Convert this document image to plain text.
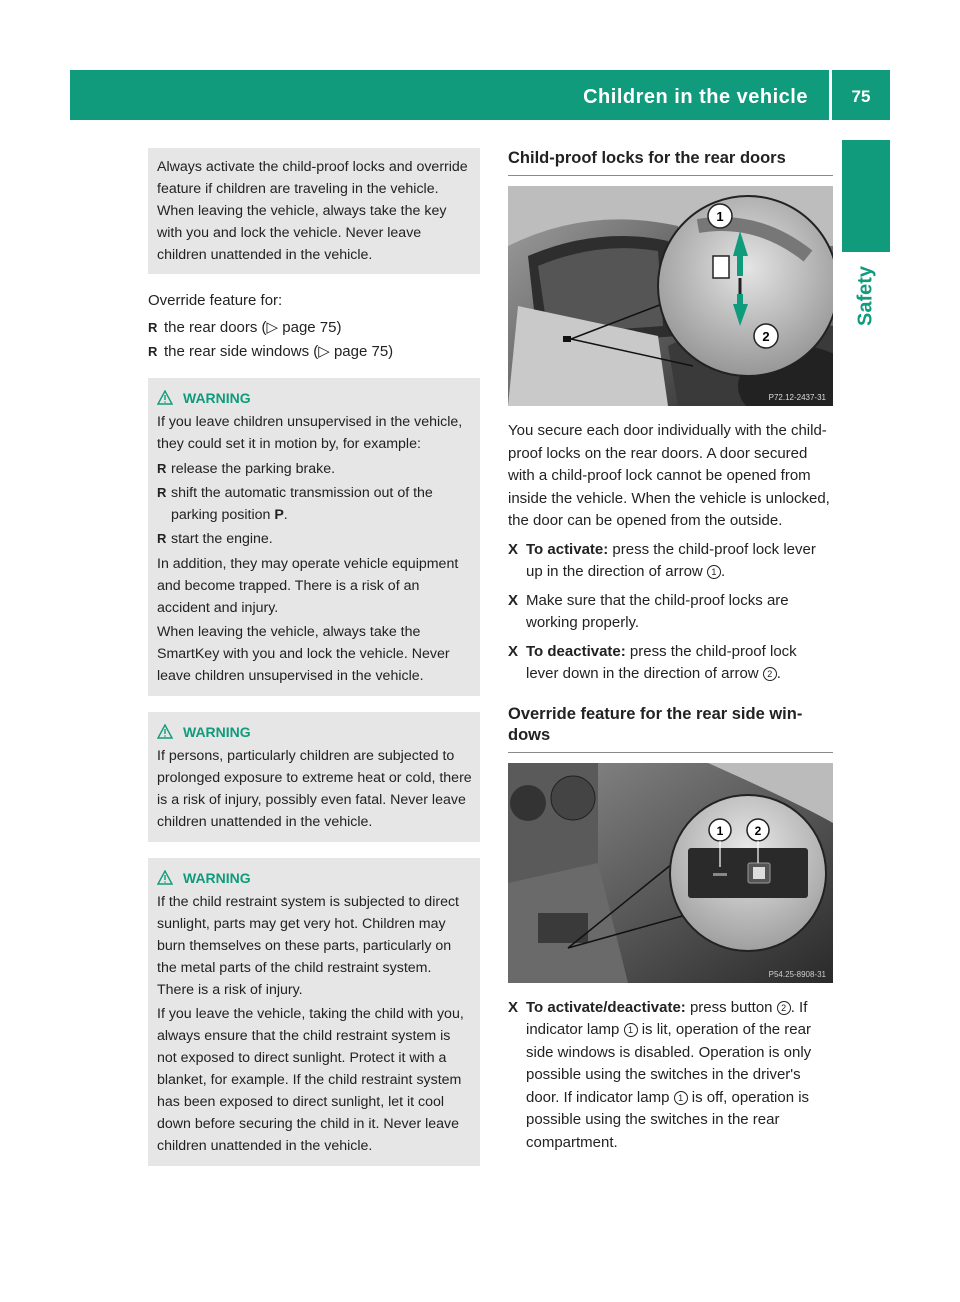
Children in the vehicle	75
Safety

Always activate the child-proof locks and override feature if children are traveling in the vehicle. When leaving the vehicle, always take the key with you and lock the vehicle. Never leave children unattended in the vehicle.

Override feature for:

R the rear doors (▷ page 75)
R the rear side windows (▷ page 75)
WARNING

If you leave children unsupervised in the vehicle, they could set it in motion by, for example:

R release the parking brake.
R shift the automatic transmission out of the parking position P.
R start the engine.

In addition, they may operate vehicle equipment and become trapped. There is a risk of an accident and injury.

When leaving the vehicle, always take the SmartKey with you and lock the vehicle. Never leave children unsupervised in the vehicle.

WARNING

If persons, particularly children are subjected to prolonged exposure to extreme heat or cold, there is a risk of injury, possibly even fatal. Never leave children unattended in the vehicle.

WARNING

If the child restraint system is subjected to direct sunlight, parts may get very hot. Children may burn themselves on these parts, particularly on the metal parts of the child restraint system. There is a risk of injury.

If you leave the vehicle, taking the child with you, always ensure that the child restraint system is not exposed to direct sunlight. Protect it with a blanket, for example. If the child restraint system has been exposed to direct sunlight, let it cool down before securing the child in it. Never leave children unattended in the vehicle.

Child-proof locks for the rear doors
1
2
P72.12-2437-31

You secure each door individually with the child-proof locks on the rear doors. A door secured with a child-proof lock cannot be opened from inside the vehicle. When the vehicle is unlocked, the door can be opened from the outside.

X To activate: press the child-proof lock lever up in the direction of arrow 1 .
X Make sure that the child-proof locks are working properly.
X To deactivate: press the child-proof lock lever down in the direction of arrow 2 .
Override feature for the rear side windows
1	2
P54.25-8908-31
X To activate/deactivate: press button 2 . If indicator lamp 1 is lit, operation of the rear side windows is disabled. Operation is only possible using the switches in the driver's door. If indicator lamp 1 is off, operation is possible using the switches in the rear compartment.
